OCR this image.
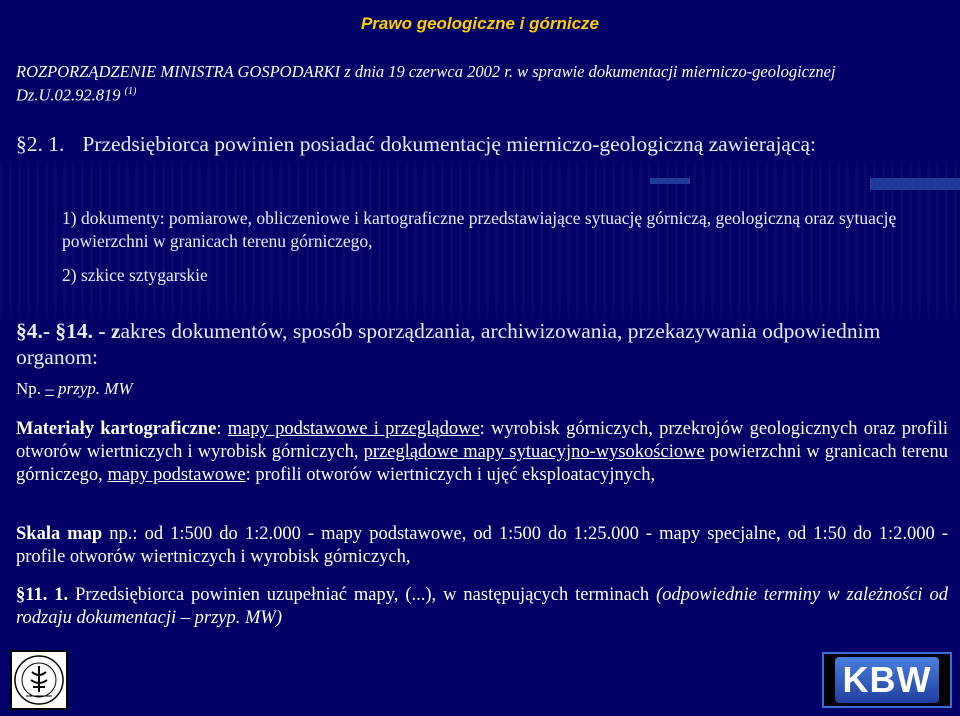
Prawo geologiczne i górnicze
ROZPORZĄDZENIE MINISTRA GOSPODARKI z dnia 19 czerwca 2002 r. w sprawie dokumentacji mierniczo-geologicznej
Dz.U.02.92.819 $^{(1)}$
§2. 1. Przedsiębiorca powinien posiadać dokumentację mierniczo-geologiczną zawierającą:
1) dokumenty: pomiarowe, obliczeniowe i kartograficzne przedstawiające sytuację górniczą, geologiczną oraz sytuację powierzchni w granicach terenu górniczego,
2) szkice sztygarskie
§4.- §14. - zakres dokumentów, sposób sporządzania, archiwizowania, przekazywania odpowiednim organom:
Np. – przyp. MW
Materiały kartograficzne: mapy podstawowe i przeglądowe: wyrobisk górniczych, przekrojów geologicznych oraz profili otworów wiertniczych i wyrobisk górniczych, przeglądowe mapy sytuacyjno-wysokościowe powierzchni w granicach terenu górniczego, mapy podstawowe: profili otworów wiertniczych i ujęć eksploatacyjnych,
Skala map np.: od 1:500 do 1:2.000 - mapy podstawowe, od 1:500 do 1:25.000 - mapy specjalne, od 1:50 do 1:2.000 - profile otworów wiertniczych i wyrobisk górniczych,
§11. 1. Przedsiębiorca powinien uzupełniać mapy, (...), w następujących terminach (odpowiednie terminy w zależności od rodzaju dokumentacji – przyp. MW)
KBW
